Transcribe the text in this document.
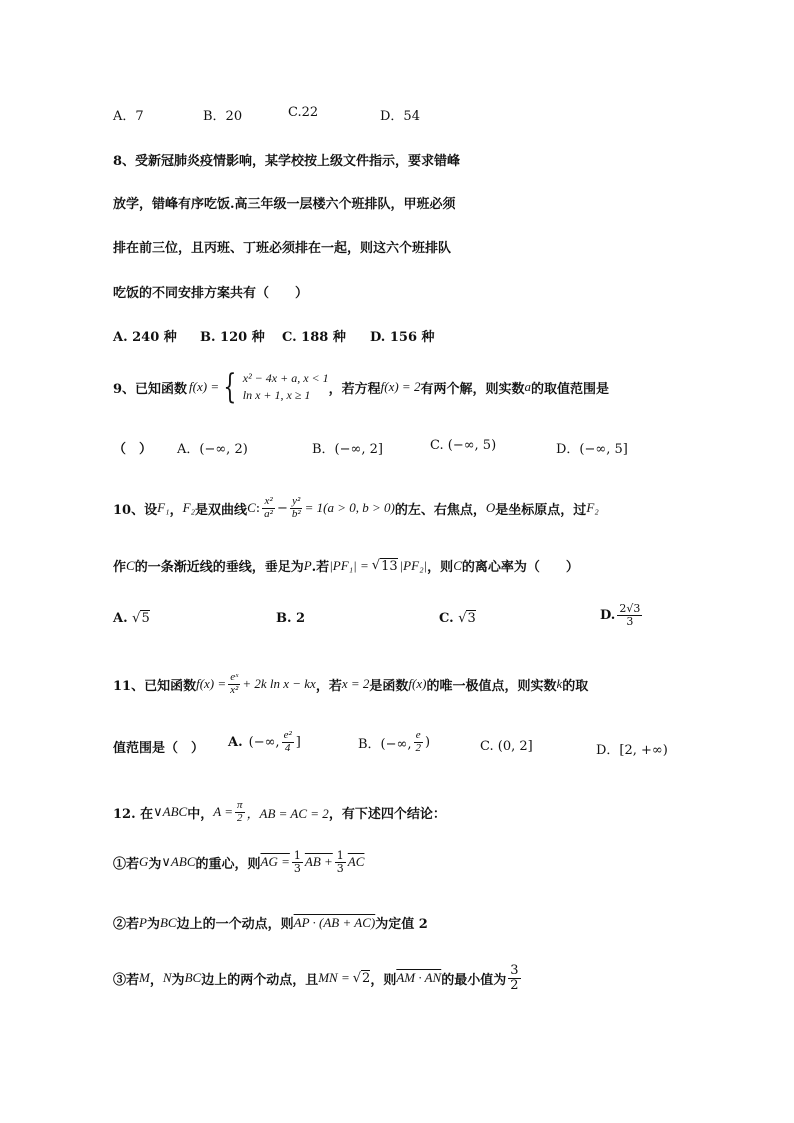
A．7	B．20	C.22	D．54
8、受新冠肺炎疫情影响，某学校按上级文件指示，要求错峰
放学，错峰有序吃饭.高三年级一层楼六个班排队，甲班必须
排在前三位，且丙班、丁班必须排在一起，则这六个班排队
吃饭的不同安排方案共有（　　）
A. 240 种 B. 120 种 C. 188 种 D. 156 种
9、已知函数 f(x) = { x² − 4x + a, x < 1
ln x + 1, x ≥ 1	，若方程 f(x) = 2 有两个解，则实数 a 的取值范围是
（　） A．(−∞, 2)	B．(−∞, 2]	C. (−∞, 5)	D．(−∞, 5]
10、设 F₁ ， F₂ 是双曲线 C : $\frac{\text{x²}}{\text{a²}} - \frac{\text{y²}}{\text{b²}} = 1(a > 0$, b > 0) 的左、右焦点， O 是坐标原点，过 F₂
作 C 的一条渐近线的垂线，垂足为 P .若 |PF₁| = √ 13 |PF₂| ，则 C 的离心率为（　　）
A. √5	B. 2	C. √3	D. $\frac{2√3}{3}$
11、已知函数 $f(x) = \frac{\text{eˣ}}{\text{x²}} + 2k$ ln x − kx ，若 x = 2 是函数 f(x) 的唯一极值点，则实数 k 的取
值范围是（　） A. (−∞, $\frac{\text{e²}}{4}$ ]	B．(−∞, $\frac{e}{2}$ )	C. (0, 2]	D．[2, +∞)
12. 在 ∨ABC 中， $A = \frac{\pi}{2}$ ，AB = AC = 2 ，有下述四个结论：
①若 G 为 ∨ABC 的重心，则 AG = $\frac{1}{3}$ AB + $\frac{1}{3} \overline{AC}$
②若 P 为 BC 边上的一个动点，则 AP · (AB + AC) 为定值 2
③若 M ， N 为 BC 边上的两个动点，且 MN = √ 2 ，则 AM · AN 的最小值为 $\frac{3}{2}$
